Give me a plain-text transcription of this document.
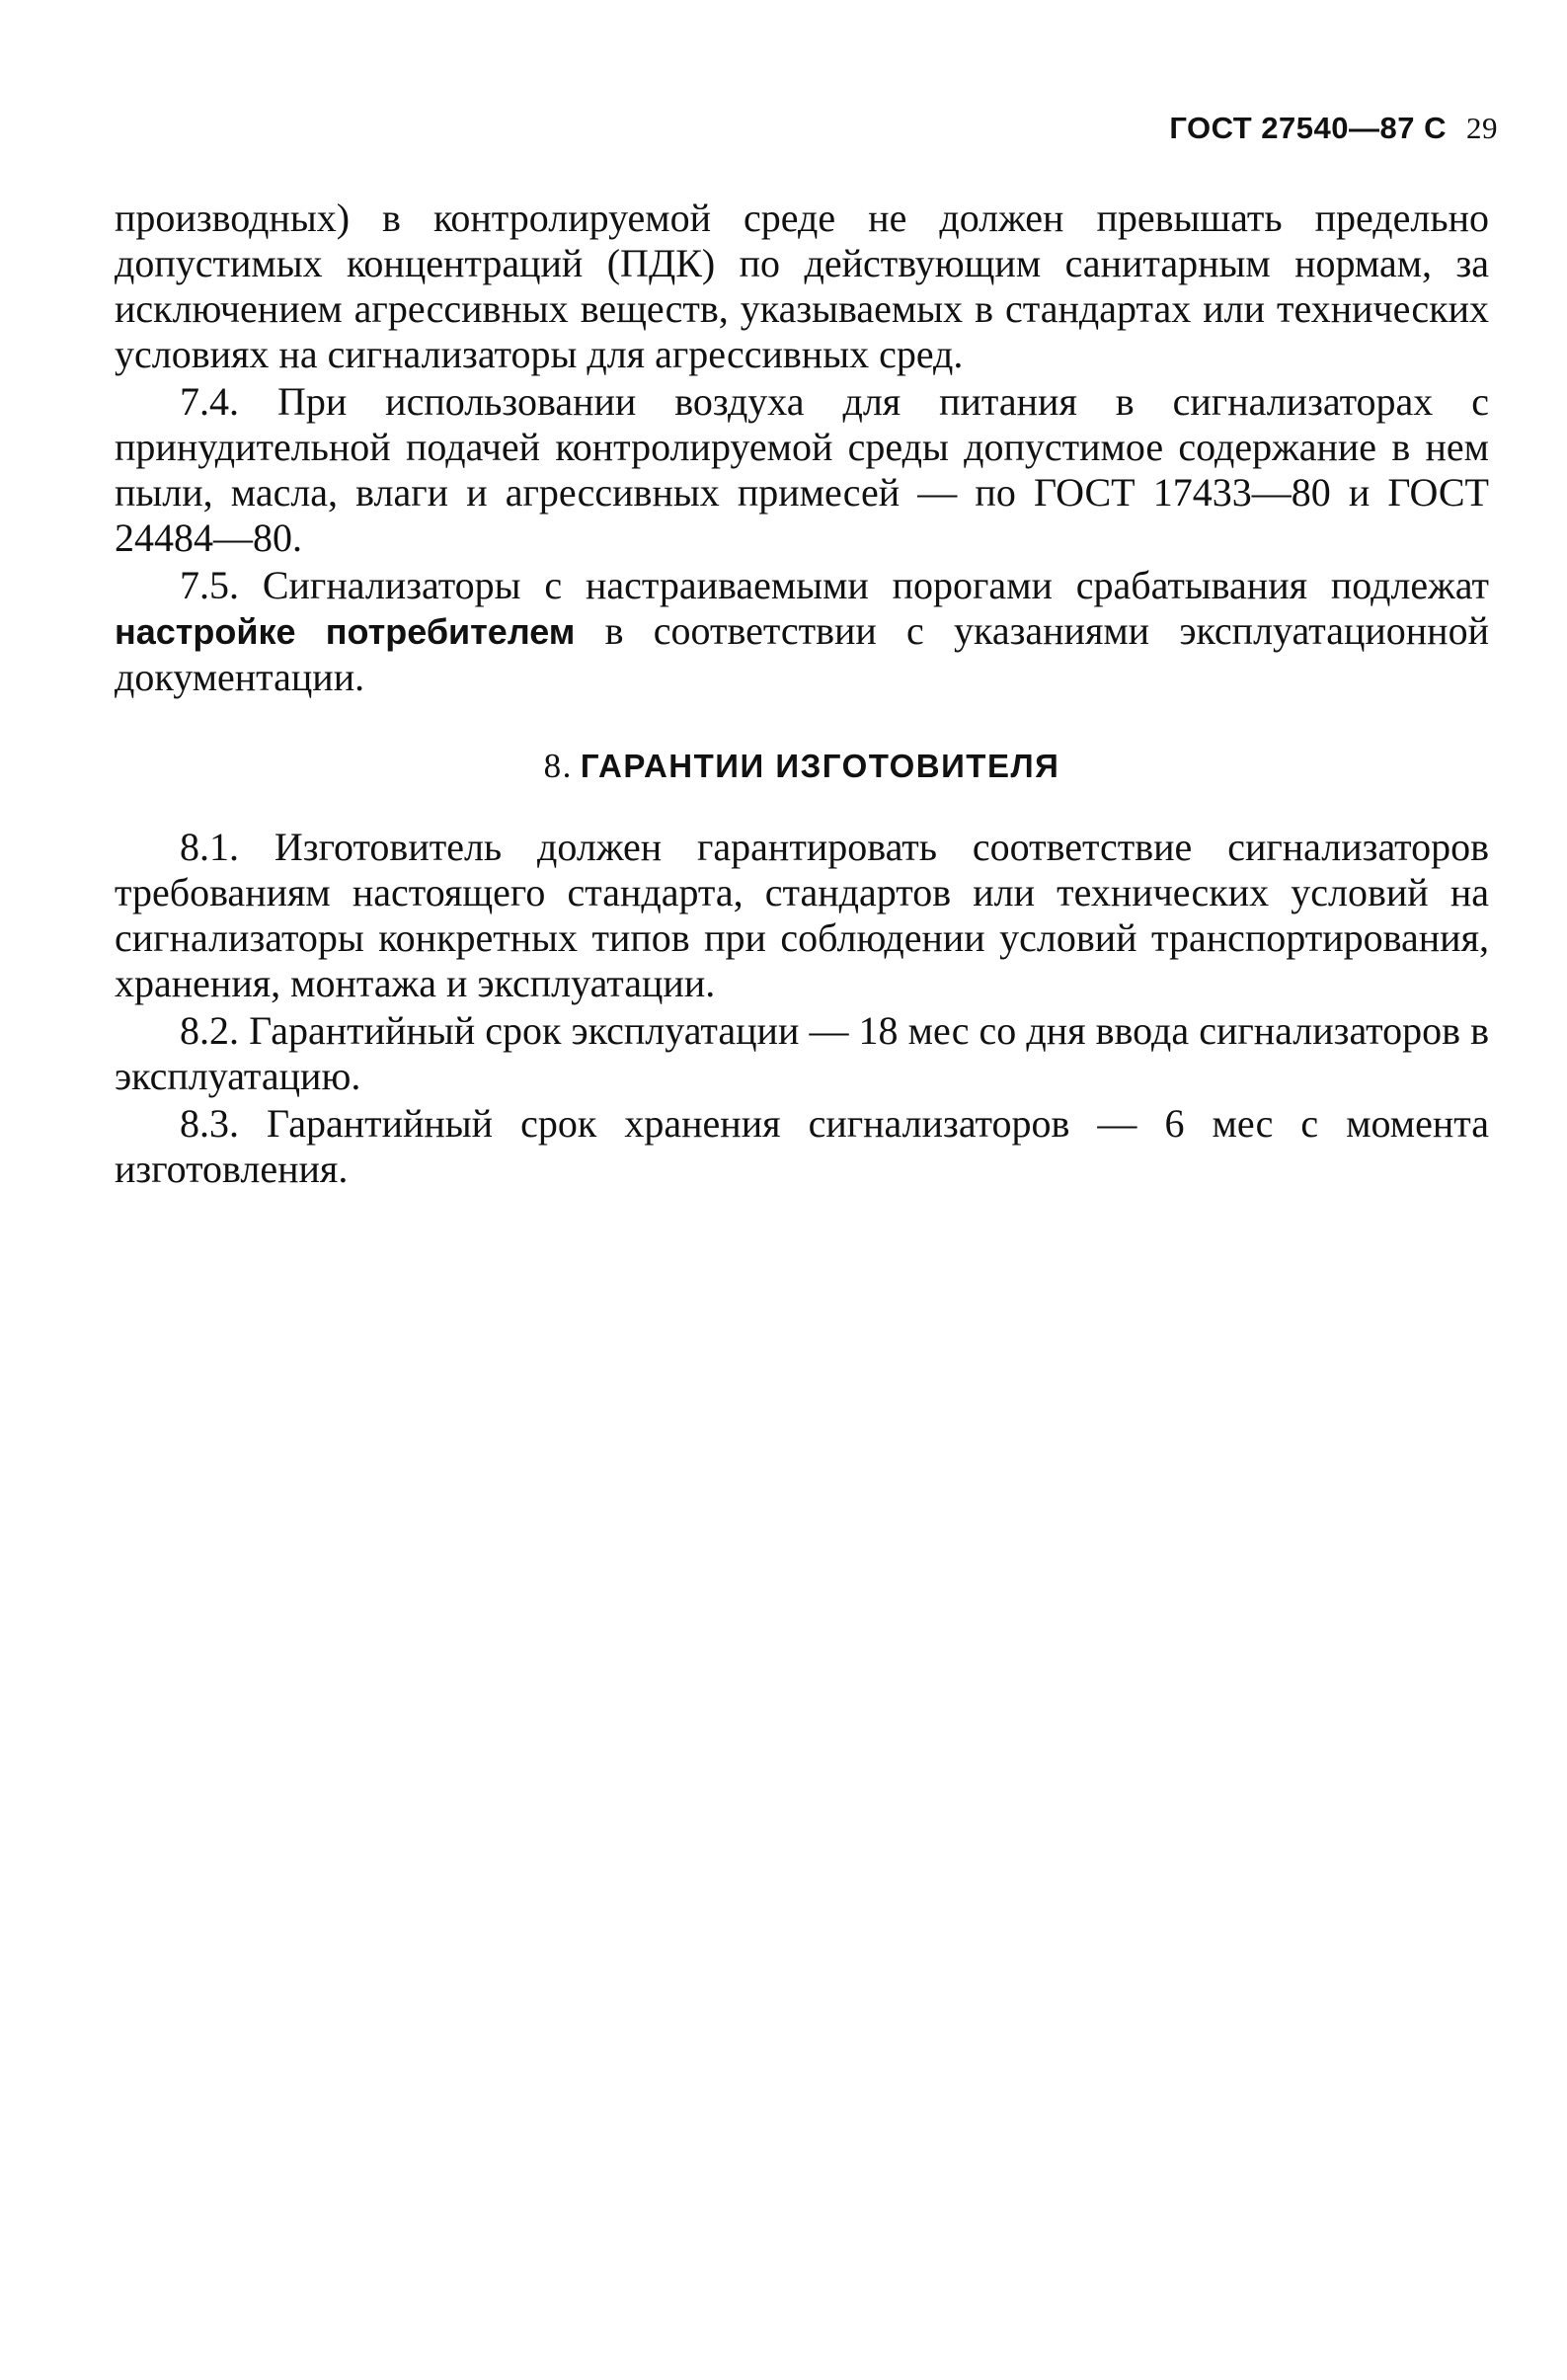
ГОСТ 27540—87 С 29

производных) в контролируемой среде не должен превышать предельно допустимых концентраций (ПДК) по действующим санитарным нормам, за исключением агрессивных веществ, указываемых в стандартах или технических условиях на сигнализаторы для агрессивных сред.

7.4. При использовании воздуха для питания в сигнализаторах с принудительной подачей контролируемой среды допустимое содержание в нем пыли, масла, влаги и агрессивных примесей — по ГОСТ 17433—80 и ГОСТ 24484—80.

7.5. Сигнализаторы с настраиваемыми порогами срабатывания подлежат настройке потребителем в соответствии с указаниями эксплуатационной документации.

8. ГАРАНТИИ ИЗГОТОВИТЕЛЯ

8.1. Изготовитель должен гарантировать соответствие сигнализаторов требованиям настоящего стандарта, стандартов или технических условий на сигнализаторы конкретных типов при соблюдении условий транспортирования, хранения, монтажа и эксплуатации.

8.2. Гарантийный срок эксплуатации — 18 мес со дня ввода сигнализаторов в эксплуатацию.

8.3. Гарантийный срок хранения сигнализаторов — 6 мес с момента изготовления.
